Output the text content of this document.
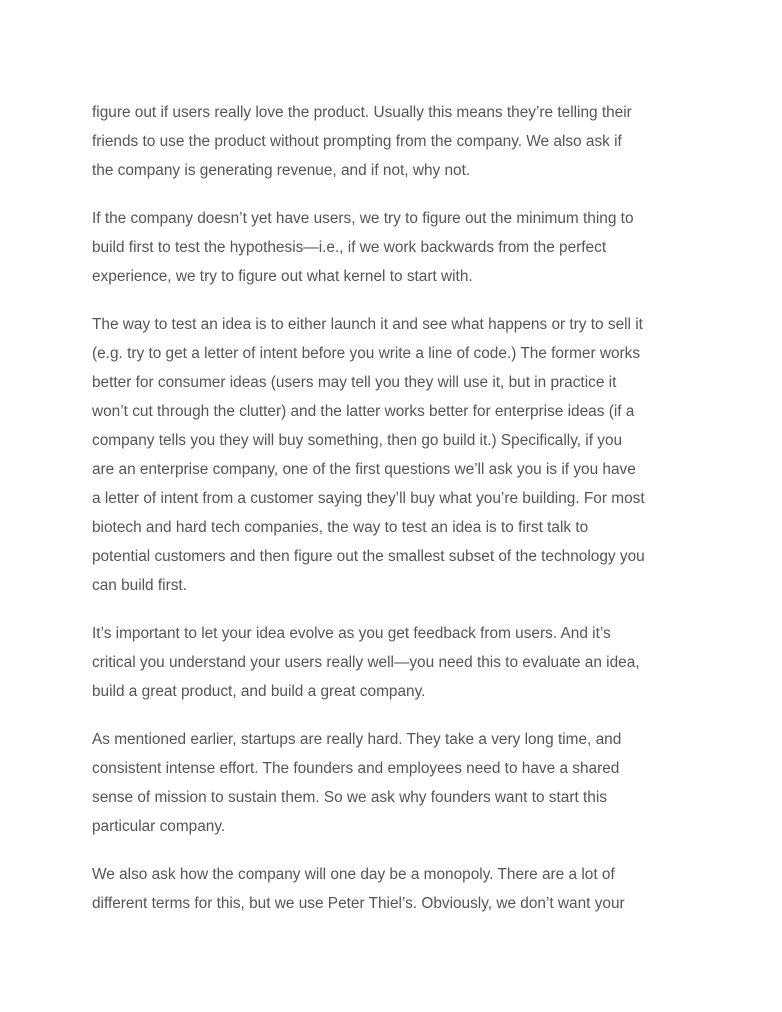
figure out if users really love the product. Usually this means they’re telling their
friends to use the product without prompting from the company. We also ask if
the company is generating revenue, and if not, why not.

If the company doesn’t yet have users, we try to figure out the minimum thing to
build first to test the hypothesis—i.e., if we work backwards from the perfect
experience, we try to figure out what kernel to start with.

The way to test an idea is to either launch it and see what happens or try to sell it
(e.g. try to get a letter of intent before you write a line of code.) The former works
better for consumer ideas (users may tell you they will use it, but in practice it
won’t cut through the clutter) and the latter works better for enterprise ideas (if a
company tells you they will buy something, then go build it.) Specifically, if you
are an enterprise company, one of the first questions we’ll ask you is if you have
a letter of intent from a customer saying they’ll buy what you’re building. For most
biotech and hard tech companies, the way to test an idea is to first talk to
potential customers and then figure out the smallest subset of the technology you
can build first.

It’s important to let your idea evolve as you get feedback from users. And it’s
critical you understand your users really well—you need this to evaluate an idea,
build a great product, and build a great company.

As mentioned earlier, startups are really hard. They take a very long time, and
consistent intense effort. The founders and employees need to have a shared
sense of mission to sustain them. So we ask why founders want to start this
particular company.

We also ask how the company will one day be a monopoly. There are a lot of
different terms for this, but we use Peter Thiel’s. Obviously, we don’t want your
